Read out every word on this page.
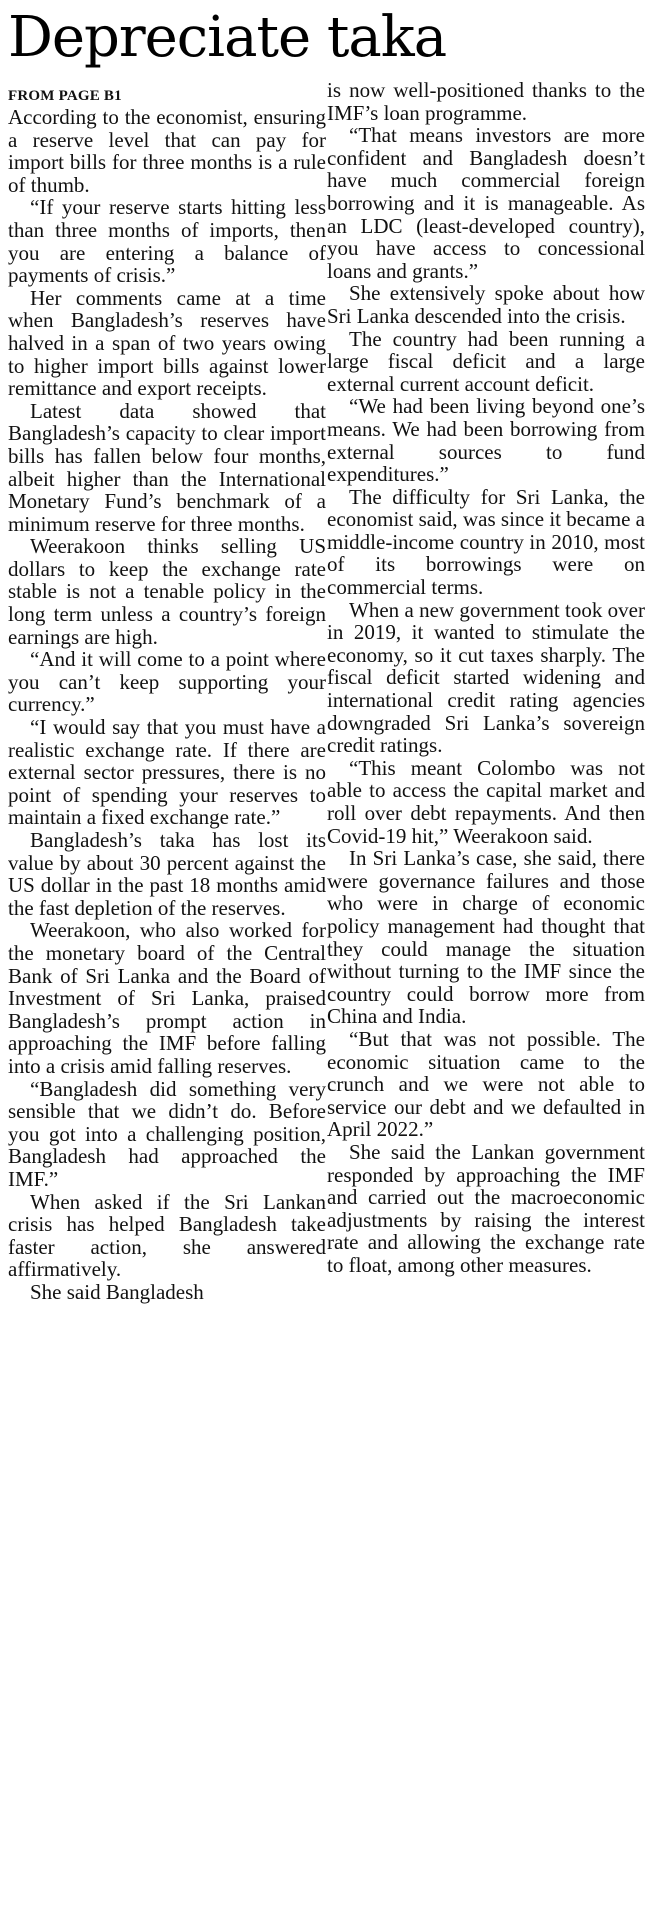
Depreciate taka
FROM PAGE B1

According to the economist, ensuring a reserve level that can pay for import bills for three months is a rule of thumb.

“If your reserve starts hitting less than three months of imports, then you are entering a balance of payments of crisis.”

Her comments came at a time when Bangladesh’s reserves have halved in a span of two years owing to higher import bills against lower remittance and export receipts.

Latest data showed that Bangladesh’s capacity to clear import bills has fallen below four months, albeit higher than the International Monetary Fund’s benchmark of a minimum reserve for three months.

Weerakoon thinks selling US dollars to keep the exchange rate stable is not a tenable policy in the long term unless a country’s foreign earnings are high.

“And it will come to a point where you can’t keep supporting your currency.”

“I would say that you must have a realistic exchange rate. If there are external sector pressures, there is no point of spending your reserves to maintain a fixed exchange rate.”

Bangladesh’s taka has lost its value by about 30 percent against the US dollar in the past 18 months amid the fast depletion of the reserves.

Weerakoon, who also worked for the monetary board of the Central Bank of Sri Lanka and the Board of Investment of Sri Lanka, praised Bangladesh’s prompt action in approaching the IMF before falling into a crisis amid falling reserves.

“Bangladesh did something very sensible that we didn’t do. Before you got into a challenging position, Bangladesh had approached the IMF.”

When asked if the Sri Lankan crisis has helped Bangladesh take faster action, she answered affirmatively.

She said Bangladesh

is now well-positioned thanks to the IMF’s loan programme.

“That means investors are more confident and Bangladesh doesn’t have much commercial foreign borrowing and it is manageable. As an LDC (least-developed country), you have access to concessional loans and grants.”

She extensively spoke about how Sri Lanka descended into the crisis.

The country had been running a large fiscal deficit and a large external current account deficit.

“We had been living beyond one’s means. We had been borrowing from external sources to fund expenditures.”

The difficulty for Sri Lanka, the economist said, was since it became a middle-income country in 2010, most of its borrowings were on commercial terms.

When a new government took over in 2019, it wanted to stimulate the economy, so it cut taxes sharply. The fiscal deficit started widening and international credit rating agencies downgraded Sri Lanka’s sovereign credit ratings.

“This meant Colombo was not able to access the capital market and roll over debt repayments. And then Covid-19 hit,” Weerakoon said.

In Sri Lanka’s case, she said, there were governance failures and those who were in charge of economic policy management had thought that they could manage the situation without turning to the IMF since the country could borrow more from China and India.

“But that was not possible. The economic situation came to the crunch and we were not able to service our debt and we defaulted in April 2022.”

She said the Lankan government responded by approaching the IMF and carried out the macroeconomic adjustments by raising the interest rate and allowing the exchange rate to float, among other measures.
